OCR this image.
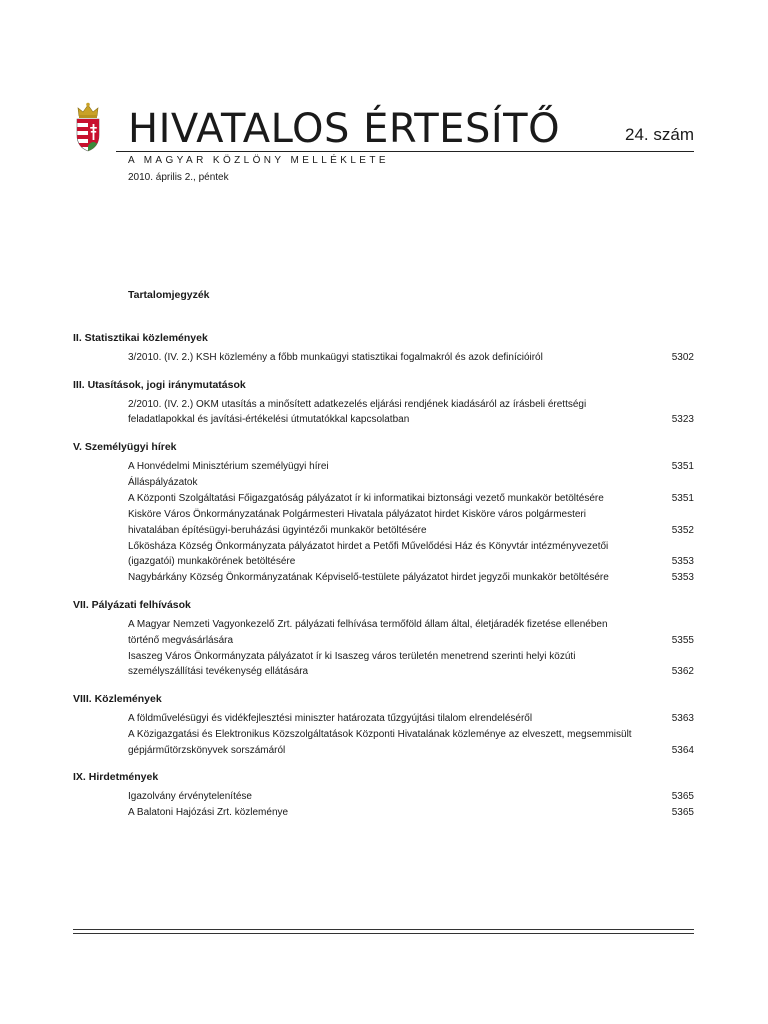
HIVATALOS ÉRTESÍTŐ	24. szám
A MAGYAR KÖZLÖNY MELLÉKLETE
2010. április 2., péntek
Tartalomjegyzék
II. Statisztikai közlemények
3/2010. (IV. 2.) KSH közlemény a főbb munkaügyi statisztikai fogalmakról és azok definícióiról	5302
III. Utasítások, jogi iránymutatások
2/2010. (IV. 2.) OKM utasítás a minősített adatkezelés eljárási rendjének kiadásáról az írásbeli érettségi feladatlapokkal és javítási-értékelési útmutatókkal kapcsolatban	5323
V. Személyügyi hírek
A Honvédelmi Minisztérium személyügyi hírei	5351
Álláspályázatok
A Központi Szolgáltatási Főigazgatóság pályázatot ír ki informatikai biztonsági vezető munkakör betöltésére	5351
Kisköre Város Önkormányzatának Polgármesteri Hivatala pályázatot hirdet Kisköre város polgármesteri hivatalában építésügyi-beruházási ügyintézői munkakör betöltésére	5352
Lőkösháza Község Önkormányzata pályázatot hirdet a Petőfi Művelődési Ház és Könyvtár intézményvezetői (igazgatói) munkakörének betöltésére	5353
Nagybárkány Község Önkormányzatának Képviselő-testülete pályázatot hirdet jegyzői munkakör betöltésére	5353
VII. Pályázati felhívások
A Magyar Nemzeti Vagyonkezelő Zrt. pályázati felhívása termőföld állam által, életjáradék fizetése ellenében történő megvásárlására	5355
Isaszeg Város Önkormányzata pályázatot ír ki Isaszeg város területén menetrend szerinti helyi közúti személyszállítási tevékenység ellátására	5362
VIII. Közlemények
A földművelésügyi és vidékfejlesztési miniszter határozata tűzgyújtási tilalom elrendeléséről	5363
A Közigazgatási és Elektronikus Közszolgáltatások Központi Hivatalának közleménye az elveszett, megsemmisült gépjárműtörzskönyvek sorszámáról	5364
IX. Hirdetmények
Igazolvány érvénytelenítése	5365
A Balatoni Hajózási Zrt. közleménye	5365
